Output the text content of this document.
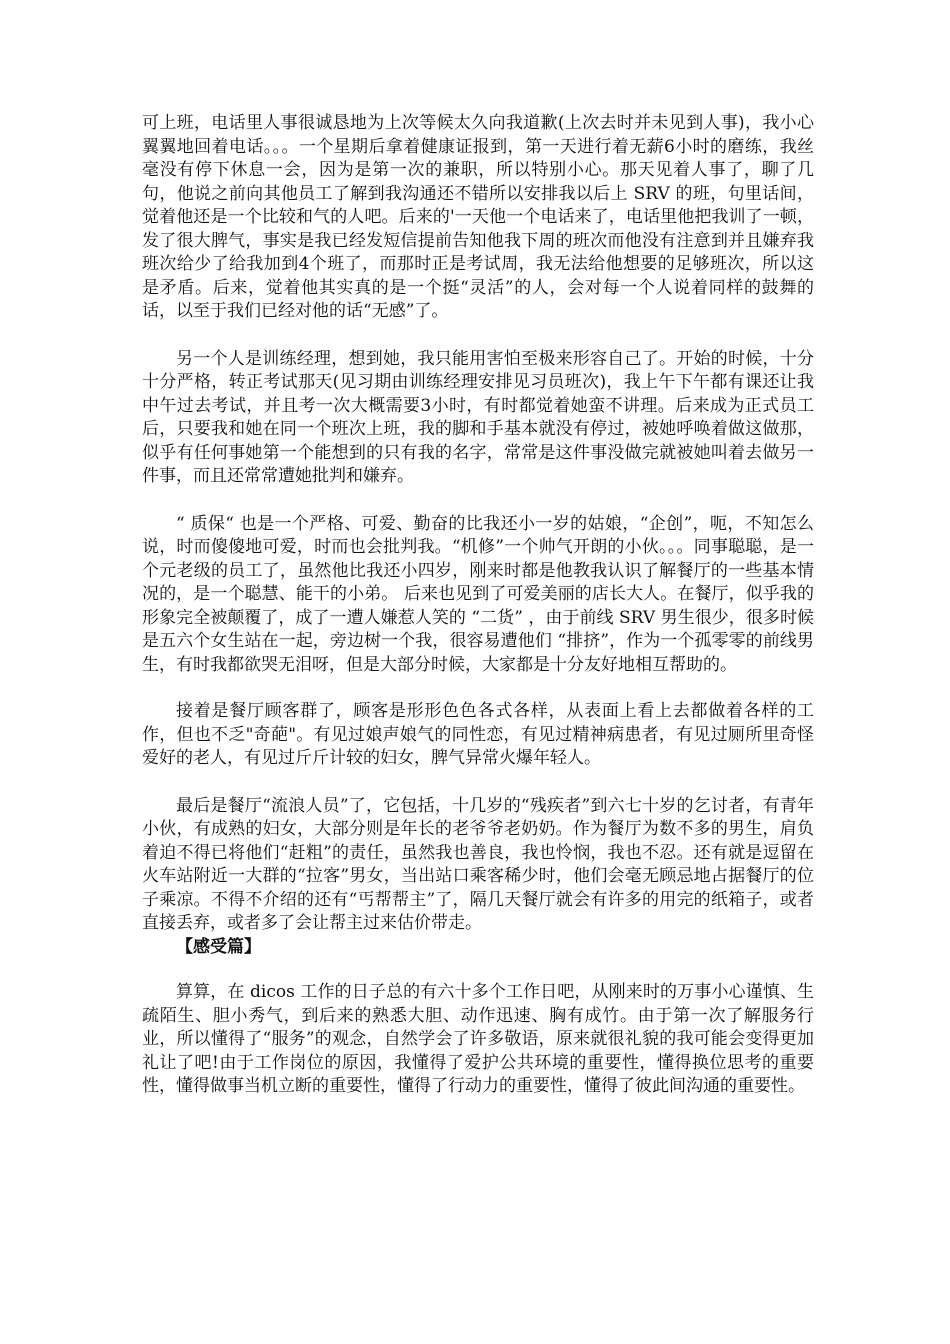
可上班，电话里人事很诚恳地为上次等候太久向我道歉(上次去时并未见到人事)，我小心翼翼地回着电话。。。一个星期后拿着健康证报到，第一天进行着无薪6小时的磨练，我丝毫没有停下休息一会，因为是第一次的兼职，所以特别小心。那天见着人事了，聊了几句，他说之前向其他员工了解到我沟通还不错所以安排我以后上 SRV 的班，句里话间，觉着他还是一个比较和气的人吧。后来的'一天他一个电话来了，电话里他把我训了一顿，发了很大脾气，事实是我已经发短信提前告知他我下周的班次而他没有注意到并且嫌弃我班次给少了给我加到4个班了，而那时正是考试周，我无法给他想要的足够班次，所以这是矛盾。后来，觉着他其实真的是一个挺“灵活”的人，会对每一个人说着同样的鼓舞的话，以至于我们已经对他的话“无感”了。

另一个人是训练经理，想到她，我只能用害怕至极来形容自己了。开始的时候，十分十分严格，转正考试那天(见习期由训练经理安排见习员班次)，我上午下午都有课还让我中午过去考试，并且考一次大概需要3小时，有时都觉着她蛮不讲理。后来成为正式员工后，只要我和她在同一个班次上班，我的脚和手基本就没有停过，被她呼唤着做这做那，似乎有任何事她第一个能想到的只有我的名字，常常是这件事没做完就被她叫着去做另一件事，而且还常常遭她批判和嫌弃。

“ 质保“ 也是一个严格、可爱、勤奋的比我还小一岁的姑娘，“企创”，呃，不知怎么说，时而傻傻地可爱，时而也会批判我。“机修”一个帅气开朗的小伙。。。同事聪聪，是一个元老级的员工了，虽然他比我还小四岁，刚来时都是他教我认识了解餐厅的一些基本情况的，是一个聪慧、能干的小弟。 后来也见到了可爱美丽的店长大人。在餐厅，似乎我的形象完全被颠覆了，成了一遭人嫌惹人笑的 “二货” ，由于前线 SRV 男生很少，很多时候是五六个女生站在一起，旁边树一个我，很容易遭他们 “排挤”，作为一个孤零零的前线男生，有时我都欲哭无泪呀，但是大部分时候，大家都是十分友好地相互帮助的。

接着是餐厅顾客群了，顾客是形形色色各式各样，从表面上看上去都做着各样的工作，但也不乏"奇葩"。有见过娘声娘气的同性恋，有见过精神病患者，有见过厕所里奇怪爱好的老人，有见过斤斤计较的妇女，脾气异常火爆年轻人。

最后是餐厅“流浪人员”了，它包括，十几岁的“残疾者”到六七十岁的乞讨者，有青年小伙，有成熟的妇女，大部分则是年长的老爷爷老奶奶。作为餐厅为数不多的男生，肩负着迫不得已将他们“赶粗”的责任，虽然我也善良，我也怜悯，我也不忍。还有就是逗留在火车站附近一大群的“拉客”男女，当出站口乘客稀少时，他们会毫无顾忌地占据餐厅的位子乘凉。不得不介绍的还有“丐帮帮主”了，隔几天餐厅就会有许多的用完的纸箱子，或者直接丢弃，或者多了会让帮主过来估价带走。

【感受篇】

算算，在 dicos 工作的日子总的有六十多个工作日吧，从刚来时的万事小心谨慎、生疏陌生、胆小秀气，到后来的熟悉大胆、动作迅速、胸有成竹。由于第一次了解服务行业，所以懂得了“服务”的观念，自然学会了许多敬语，原来就很礼貌的我可能会变得更加礼让了吧!由于工作岗位的原因，我懂得了爱护公共环境的重要性，懂得换位思考的重要性，懂得做事当机立断的重要性，懂得了行动力的重要性，懂得了彼此间沟通的重要性。
